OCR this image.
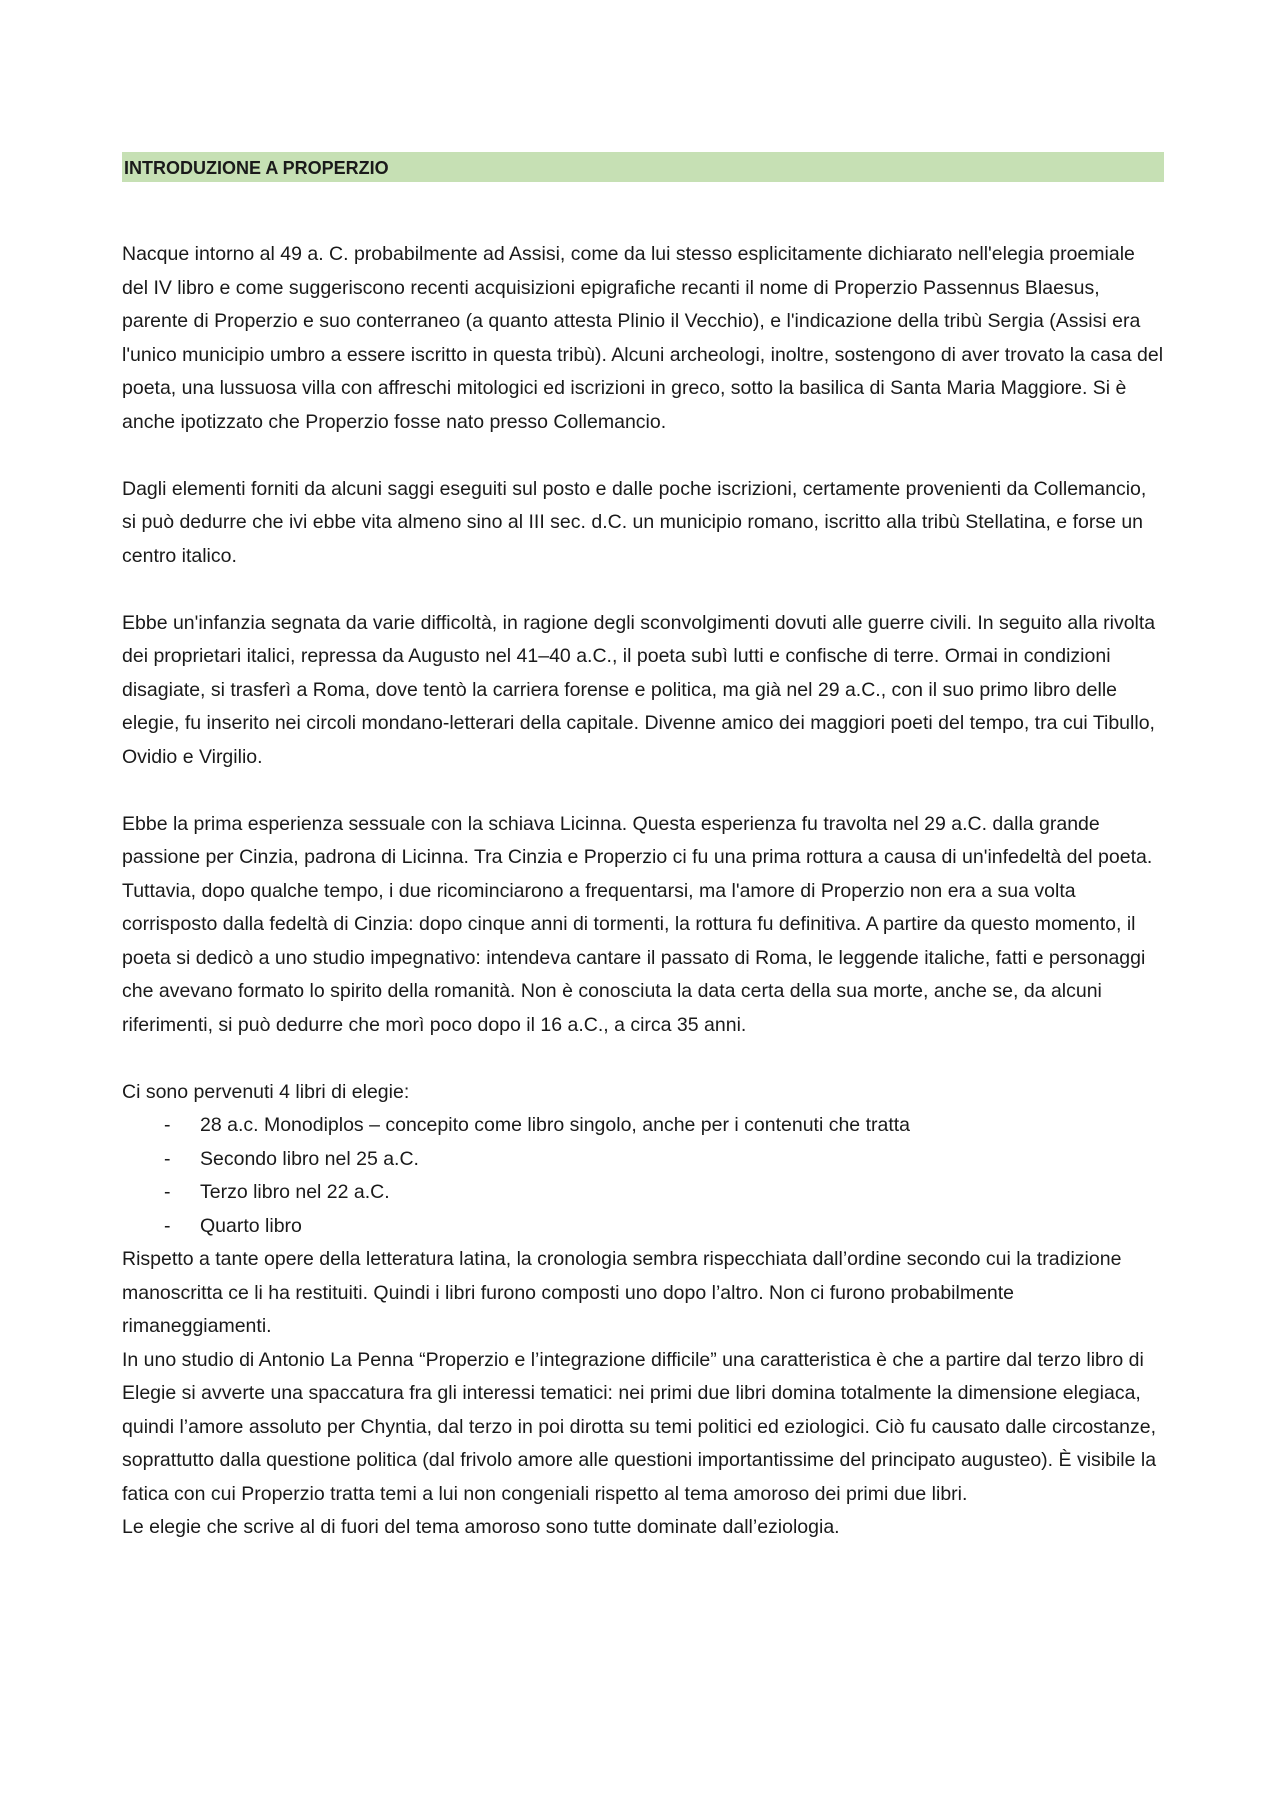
INTRODUZIONE A PROPERZIO

Nacque intorno al 49 a. C. probabilmente ad Assisi, come da lui stesso esplicitamente dichiarato nell'elegia proemiale del IV libro e come suggeriscono recenti acquisizioni epigrafiche recanti il nome di Properzio Passennus Blaesus, parente di Properzio e suo conterraneo (a quanto attesta Plinio il Vecchio), e l'indicazione della tribù Sergia (Assisi era l'unico municipio umbro a essere iscritto in questa tribù). Alcuni archeologi, inoltre, sostengono di aver trovato la casa del poeta, una lussuosa villa con affreschi mitologici ed iscrizioni in greco, sotto la basilica di Santa Maria Maggiore. Si è anche ipotizzato che Properzio fosse nato presso Collemancio.

Dagli elementi forniti da alcuni saggi eseguiti sul posto e dalle poche iscrizioni, certamente provenienti da Collemancio, si può dedurre che ivi ebbe vita almeno sino al III sec. d.C. un municipio romano, iscritto alla tribù Stellatina, e forse un centro italico.

Ebbe un'infanzia segnata da varie difficoltà, in ragione degli sconvolgimenti dovuti alle guerre civili. In seguito alla rivolta dei proprietari italici, repressa da Augusto nel 41–40 a.C., il poeta subì lutti e confische di terre. Ormai in condizioni disagiate, si trasferì a Roma, dove tentò la carriera forense e politica, ma già nel 29 a.C., con il suo primo libro delle elegie, fu inserito nei circoli mondano-letterari della capitale. Divenne amico dei maggiori poeti del tempo, tra cui Tibullo, Ovidio e Virgilio.

Ebbe la prima esperienza sessuale con la schiava Licinna. Questa esperienza fu travolta nel 29 a.C. dalla grande passione per Cinzia, padrona di Licinna. Tra Cinzia e Properzio ci fu una prima rottura a causa di un'infedeltà del poeta. Tuttavia, dopo qualche tempo, i due ricominciarono a frequentarsi, ma l'amore di Properzio non era a sua volta corrisposto dalla fedeltà di Cinzia: dopo cinque anni di tormenti, la rottura fu definitiva. A partire da questo momento, il poeta si dedicò a uno studio impegnativo: intendeva cantare il passato di Roma, le leggende italiche, fatti e personaggi che avevano formato lo spirito della romanità. Non è conosciuta la data certa della sua morte, anche se, da alcuni riferimenti, si può dedurre che morì poco dopo il 16 a.C., a circa 35 anni.

Ci sono pervenuti 4 libri di elegie:

- 28 a.c. Monodiplos – concepito come libro singolo, anche per i contenuti che tratta
- Secondo libro nel 25 a.C.
- Terzo libro nel 22 a.C.
- Quarto libro

Rispetto a tante opere della letteratura latina, la cronologia sembra rispecchiata dall’ordine secondo cui la tradizione manoscritta ce li ha restituiti. Quindi i libri furono composti uno dopo l’altro. Non ci furono probabilmente rimaneggiamenti.

In uno studio di Antonio La Penna “Properzio e l’integrazione difficile” una caratteristica è che a partire dal terzo libro di Elegie si avverte una spaccatura fra gli interessi tematici: nei primi due libri domina totalmente la dimensione elegiaca, quindi l’amore assoluto per Chyntia, dal terzo in poi dirotta su temi politici ed eziologici. Ciò fu causato dalle circostanze, soprattutto dalla questione politica (dal frivolo amore alle questioni importantissime del principato augusteo). È visibile la fatica con cui Properzio tratta temi a lui non congeniali rispetto al tema amoroso dei primi due libri.

Le elegie che scrive al di fuori del tema amoroso sono tutte dominate dall’eziologia.
